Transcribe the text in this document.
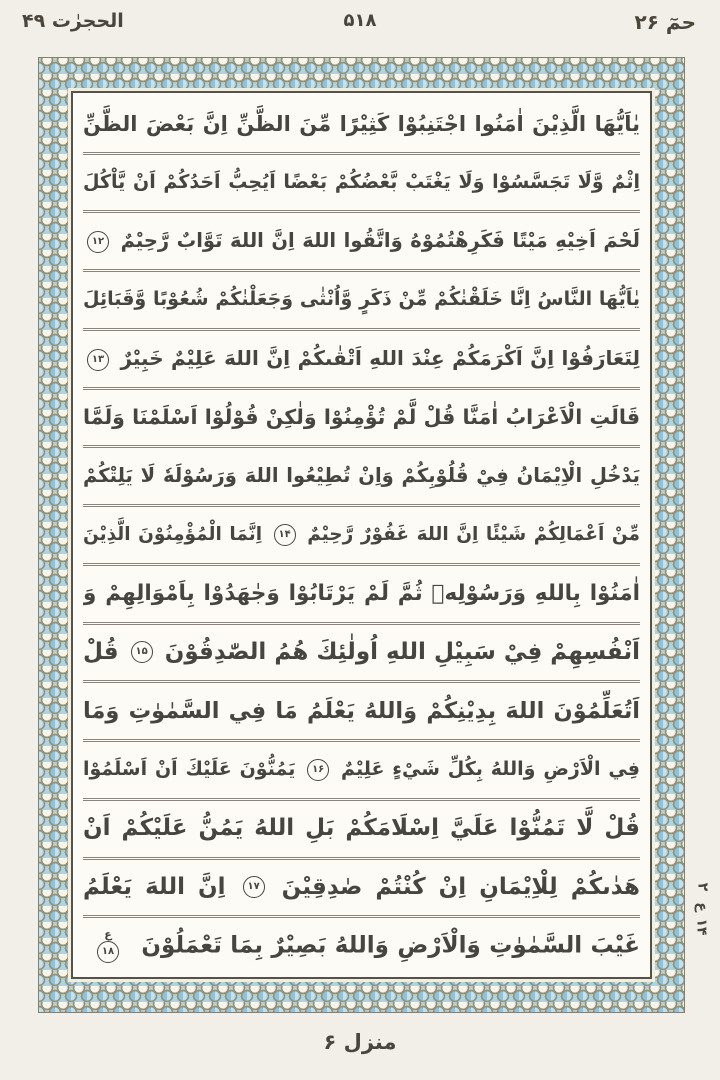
الحجرٰت ۴۹	۵۱۸	حمٓ ۲۶
يٰاَيُّهَا الَّذِيْنَ اٰمَنُوا اجْتَنِبُوْا كَثِيْرًا مِّنَ الظَّنِّ اِنَّ بَعْضَ الظَّنِّ
اِثْمٌ وَّلَا تَجَسَّسُوْا وَلَا يَغْتَبْ بَّعْضُكُمْ بَعْضًا اَيُحِبُّ اَحَدُكُمْ اَنْ يَّاْكُلَ
لَحْمَ اَخِيْهِ مَيْتًا فَكَرِهْتُمُوْهُ وَاتَّقُوا اللهَ اِنَّ اللهَ تَوَّابٌ رَّحِيْمٌ ۱۲
يٰاَيُّهَا النَّاسُ اِنَّا خَلَقْنٰكُمْ مِّنْ ذَكَرٍ وَّاُنْثٰى وَجَعَلْنٰكُمْ شُعُوْبًا وَّقَبَائِلَ
لِتَعَارَفُوْا اِنَّ اَكْرَمَكُمْ عِنْدَ اللهِ اَتْقٰىكُمْ اِنَّ اللهَ عَلِيْمٌ خَبِيْرٌ ۱۳
قَالَتِ الْاَعْرَابُ اٰمَنَّا قُلْ لَّمْ تُؤْمِنُوْا وَلٰكِنْ قُوْلُوْا اَسْلَمْنَا وَلَمَّا
يَدْخُلِ الْاِيْمَانُ فِيْ قُلُوْبِكُمْ وَاِنْ تُطِيْعُوا اللهَ وَرَسُوْلَهٗ لَا يَلِتْكُمْ
مِّنْ اَعْمَالِكُمْ شَيْئًا اِنَّ اللهَ غَفُوْرٌ رَّحِيْمٌ ۱۴ اِنَّمَا الْمُؤْمِنُوْنَ الَّذِيْنَ
اٰمَنُوْا بِاللهِ وَرَسُوْلِهٖ ثُمَّ لَمْ يَرْتَابُوْا وَجٰهَدُوْا بِاَمْوَالِهِمْ وَ
اَنْفُسِهِمْ فِيْ سَبِيْلِ اللهِ اُولٰئِكَ هُمُ الصّٰدِقُوْنَ ۱۵ قُلْ
اَتُعَلِّمُوْنَ اللهَ بِدِيْنِكُمْ وَاللهُ يَعْلَمُ مَا فِي السَّمٰوٰتِ وَمَا
فِي الْاَرْضِ وَاللهُ بِكُلِّ شَيْءٍ عَلِيْمٌ ۱۶ يَمُنُّوْنَ عَلَيْكَ اَنْ اَسْلَمُوْا
قُلْ لَّا تَمُنُّوْا عَلَيَّ اِسْلَامَكُمْ بَلِ اللهُ يَمُنُّ عَلَيْكُمْ اَنْ
هَدٰىكُمْ لِلْاِيْمَانِ اِنْ كُنْتُمْ صٰدِقِيْنَ ۱۷ اِنَّ اللهَ يَعْلَمُ
غَيْبَ السَّمٰوٰتِ وَالْاَرْضِ وَاللهُ بَصِيْرٌ بِمَا تَعْمَلُوْنَ
ع
۱۸
۲
ع
۱۴
منزل ۶
